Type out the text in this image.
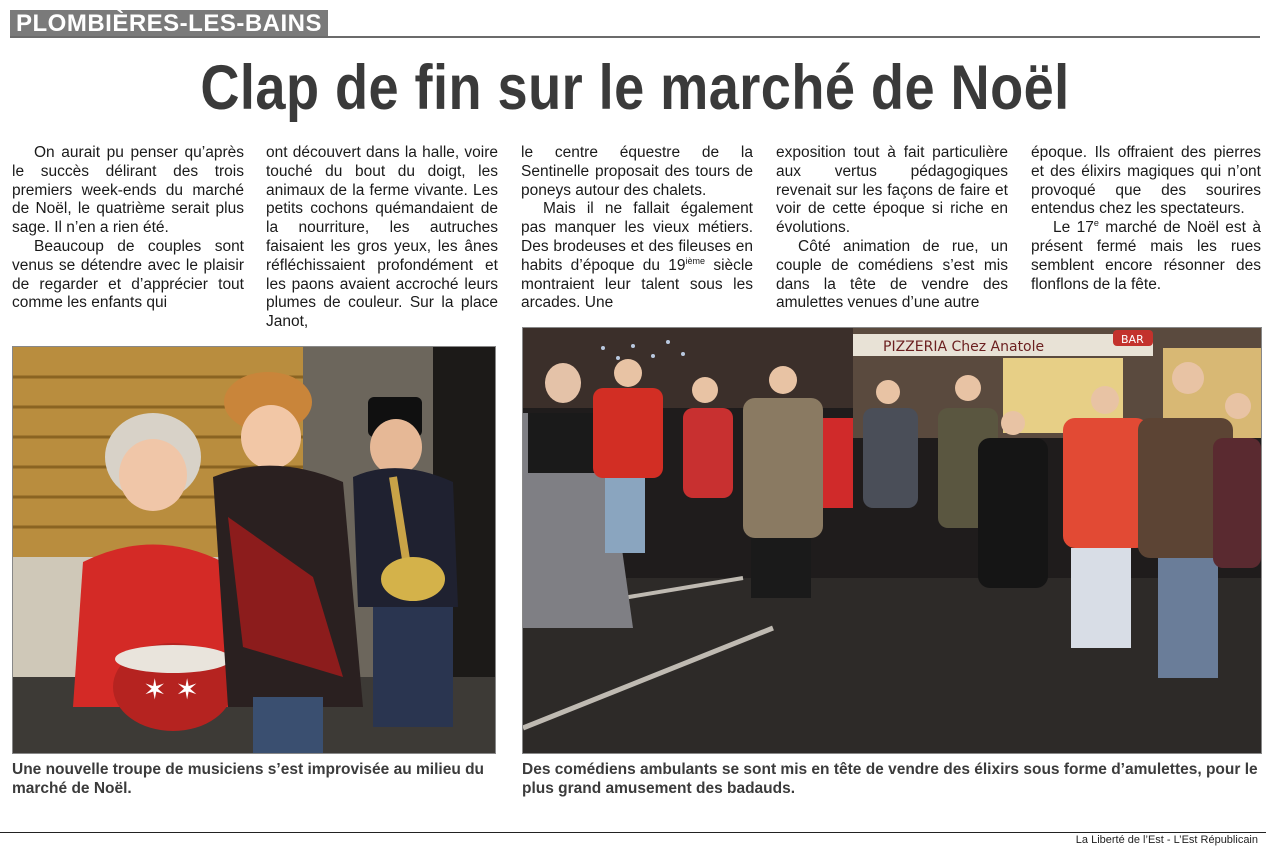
PLOMBIÈRES-LES-BAINS
Clap de fin sur le marché de Noël

On aurait pu penser qu’après le succès délirant des trois premiers week-ends du marché de Noël, le quatrième serait plus sage. Il n’en a rien été.

Beaucoup de couples sont venus se détendre avec le plaisir de regarder et d’apprécier tout comme les enfants qui

ont découvert dans la halle, voire touché du bout du doigt, les animaux de la ferme vivante. Les petits cochons quémandaient de la nourriture, les autruches faisaient les gros yeux, les ânes réfléchissaient profondément et les paons avaient accroché leurs plumes de couleur. Sur la place Janot,

le centre équestre de la Sentinelle proposait des tours de poneys autour des chalets.

Mais il ne fallait également pas manquer les vieux métiers. Des brodeuses et des fileuses en habits d’époque du 19ième siècle montraient leur talent sous les arcades. Une

exposition tout à fait particulière aux vertus pédagogiques revenait sur les façons de faire et voir de cette époque si riche en évolutions.

Côté animation de rue, un couple de comédiens s’est mis dans la tête de vendre des amulettes venues d’une autre

époque. Ils offraient des pierres et des élixirs magiques qui n’ont provoqué que des sourires entendus chez les spectateurs.

Le 17e marché de Noël est à présent fermé mais les rues semblent encore résonner des flonflons de la fête.

✶ ✶
PIZZERIA Chez Anatole	BAR

Une nouvelle troupe de musiciens s’est improvisée au milieu du marché de Noël.

Des comédiens ambulants se sont mis en tête de vendre des élixirs sous forme d’amulettes, pour le plus grand amusement des badauds.

La Liberté de l’Est - L’Est Républicain
